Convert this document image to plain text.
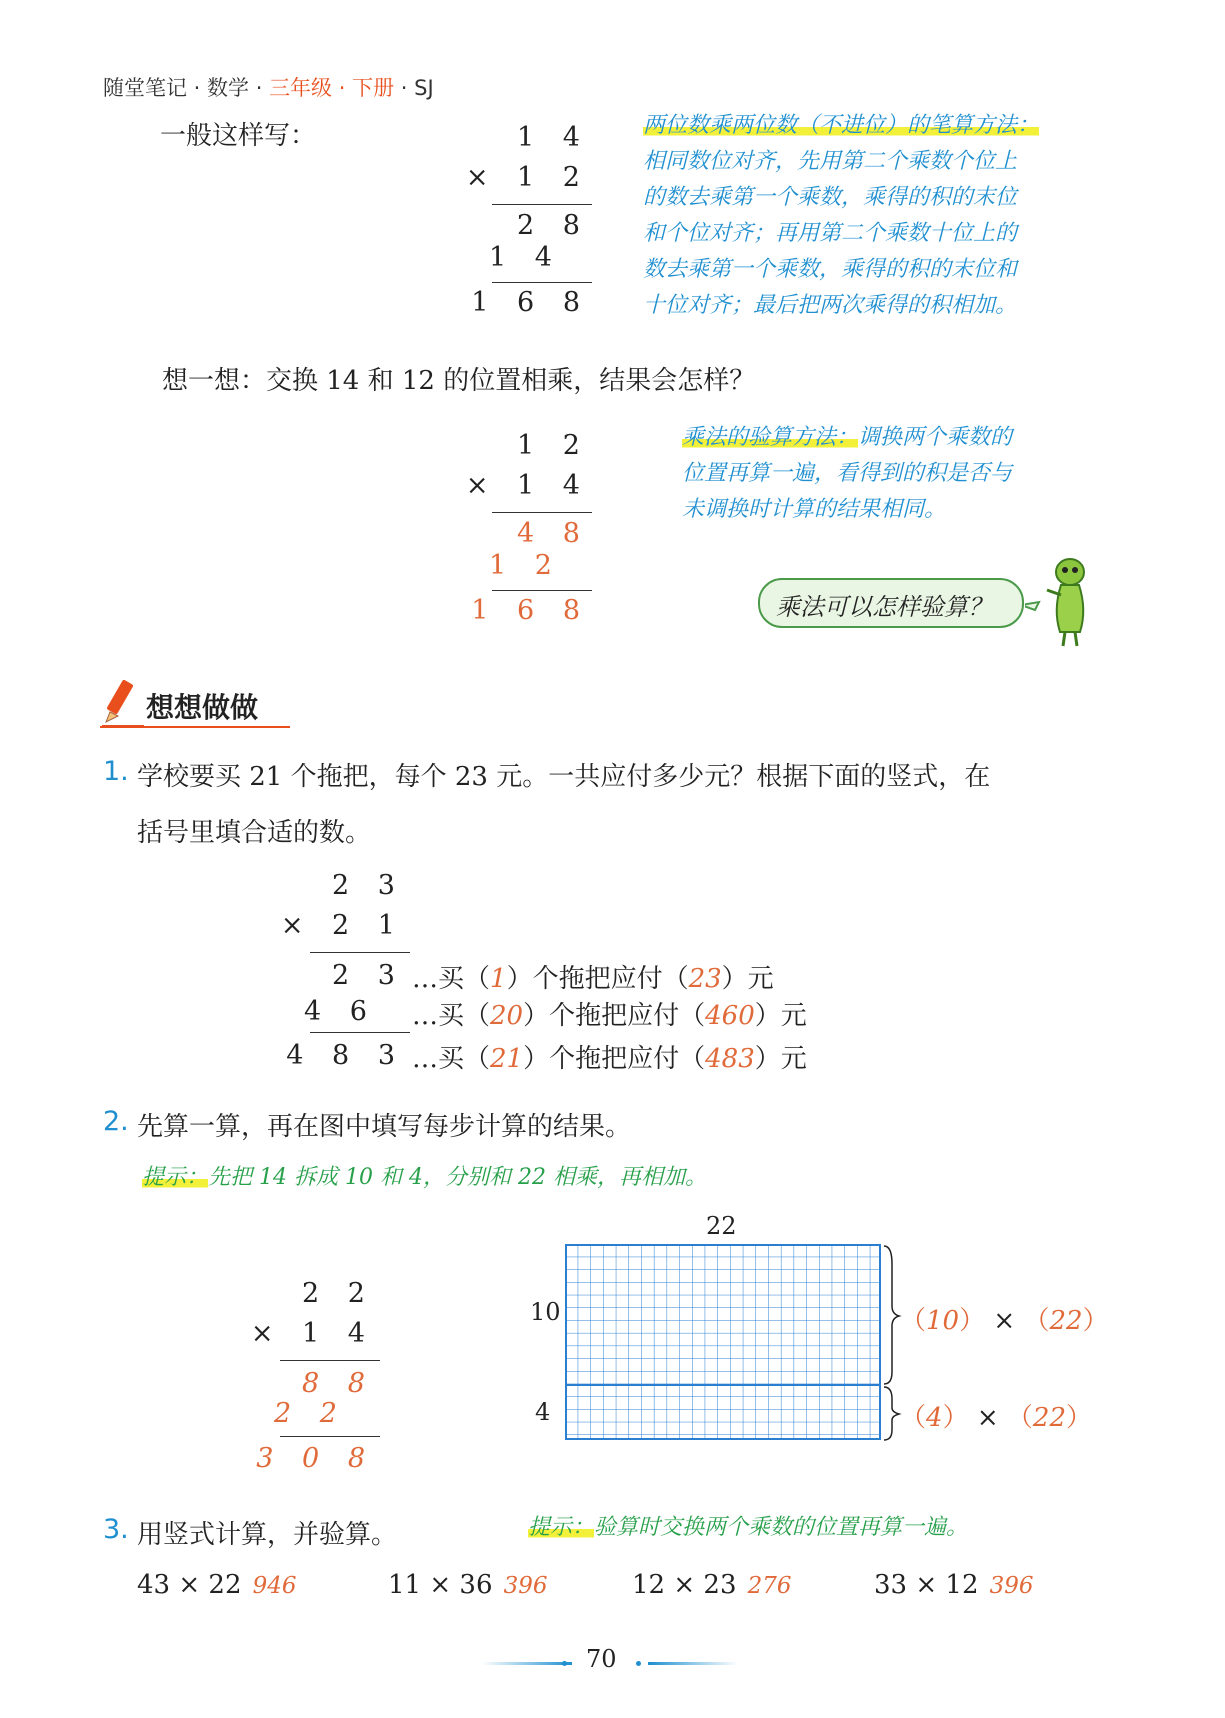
随堂笔记 · 数学 · 三年级 · 下册 · SJ
一般这样写：	1 4
× 1 2
2 8
1 4
1 6 8
两位数乘两位数（不进位）的笔算方法：
相同数位对齐，先用第二个乘数个位上
的数去乘第一个乘数，乘得的积的末位
和个位对齐；再用第二个乘数十位上的
数去乘第一个乘数，乘得的积的末位和
十位对齐；最后把两次乘得的积相加。
想一想：交换 14 和 12 的位置相乘，结果会怎样？
1 2
× 1 4
4 8
1 2
1 6 8
乘法的验算方法：调换两个乘数的
位置再算一遍，看得到的积是否与
未调换时计算的结果相同。
乘法可以怎样验算？
想想做做
1. 学校要买 21 个拖把，每个 23 元。一共应付多少元？根据下面的竖式，在
括号里填合适的数。
2 3
× 2 1
2 3
4 6
4 8 3
…买（1）个拖把应付（23）元
…买（20）个拖把应付（460）元
…买（21）个拖把应付（483）元
2. 先算一算，再在图中填写每步计算的结果。
提示：先把 14 拆成 10 和 4，分别和 22 相乘，再相加。
2 2
× 1 4
8 8
2 2
3 0 8
22
10
4
（10） × （22）
（4） × （22）
3. 用竖式计算，并验算。	提示：验算时交换两个乘数的位置再算一遍。
43 × 22 946	11 × 36 396	12 × 23 276	33 × 12 396
70
